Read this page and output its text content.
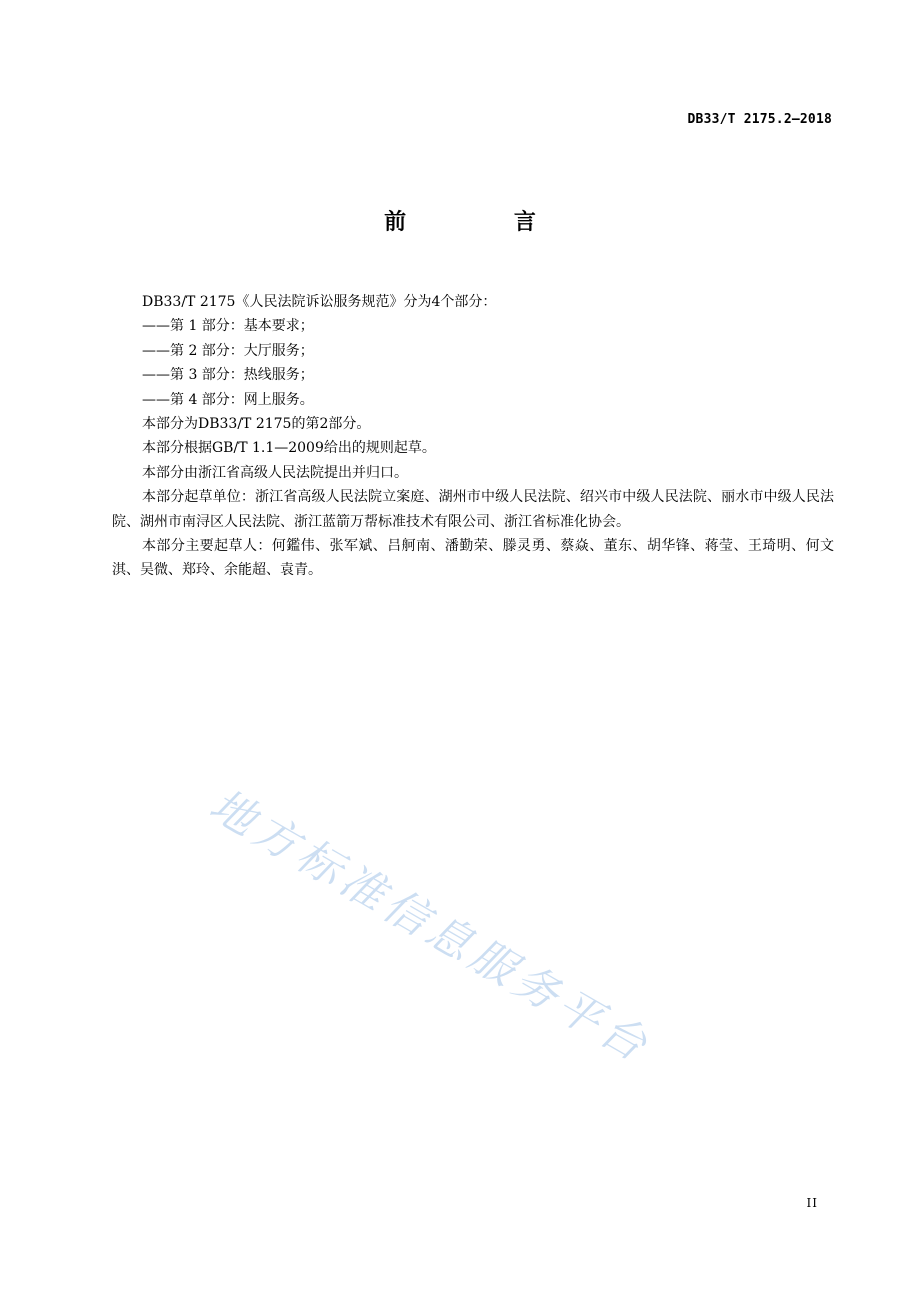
DB33/T 2175.2—2018
前 言

DB33/T 2175《人民法院诉讼服务规范》分为4个部分：

——第 1 部分：基本要求；

——第 2 部分：大厅服务；

——第 3 部分：热线服务；

——第 4 部分：网上服务。

本部分为DB33/T 2175的第2部分。

本部分根据GB/T 1.1—2009给出的规则起草。

本部分由浙江省高级人民法院提出并归口。

本部分起草单位：浙江省高级人民法院立案庭、湖州市中级人民法院、绍兴市中级人民法院、丽水市中级人民法院、湖州市南浔区人民法院、浙江蓝箭万帮标准技术有限公司、浙江省标准化协会。

本部分主要起草人：何鑑伟、张军斌、吕舸南、潘勤荣、滕灵勇、蔡焱、董东、胡华锋、蒋莹、王琦明、何文淇、吴微、郑玲、余能超、袁青。

地方标准信息服务平台
II
